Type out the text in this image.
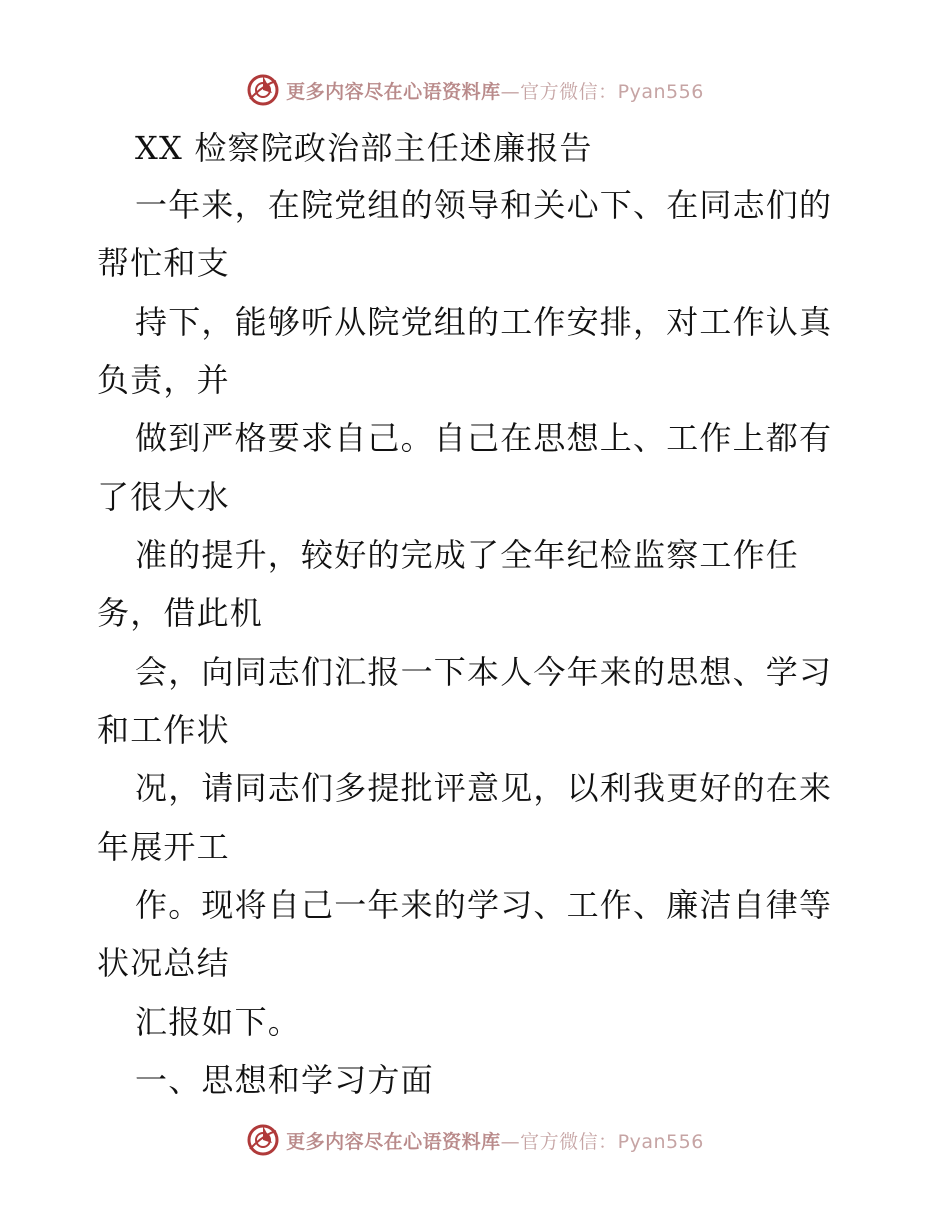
更多内容尽在心语资料库—官方微信：Pyan556
XX 检察院政治部主任述廉报告
一年来，在院党组的领导和关心下、在同志们的
帮忙和支
持下，能够听从院党组的工作安排，对工作认真
负责，并
做到严格要求自己。自己在思想上、工作上都有
了很大水
准的提升，较好的完成了全年纪检监察工作任
务，借此机
会，向同志们汇报一下本人今年来的思想、学习
和工作状
况，请同志们多提批评意见，以利我更好的在来
年展开工
作。现将自己一年来的学习、工作、廉洁自律等
状况总结
汇报如下。
一、思想和学习方面
更多内容尽在心语资料库—官方微信：Pyan556
